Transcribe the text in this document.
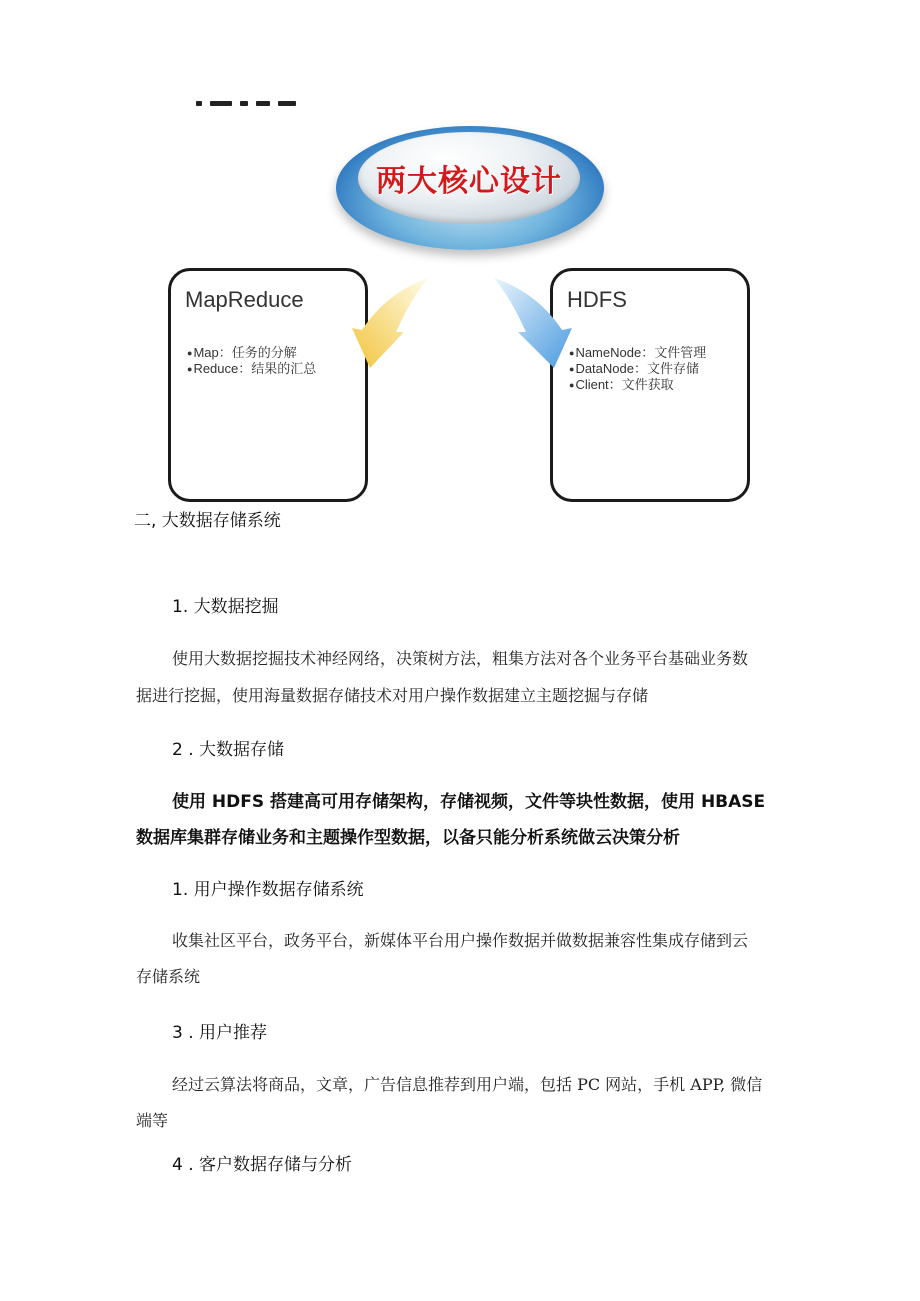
两大核心设计
MapReduce
● Map：任务的分解
● Reduce：结果的汇总
HDFS
● NameNode：文件管理
● DataNode：文件存储
● Client：文件获取
二, 大数据存储系统
1. 大数据挖掘
使用大数据挖掘技术神经网络，决策树方法，粗集方法对各个业务平台基础业务数
据进行挖掘，使用海量数据存储技术对用户操作数据建立主题挖掘与存储
2 . 大数据存储
使用 HDFS 搭建高可用存储架构，存储视频，文件等块性数据，使用 HBASE
数据库集群存储业务和主题操作型数据，以备只能分析系统做云决策分析
1. 用户操作数据存储系统
收集社区平台，政务平台，新媒体平台用户操作数据并做数据兼容性集成存储到云
存储系统
3 . 用户推荐
经过云算法将商品，文章，广告信息推荐到用户端，包括 PC 网站，手机 APP, 微信
端等
4 . 客户数据存储与分析
